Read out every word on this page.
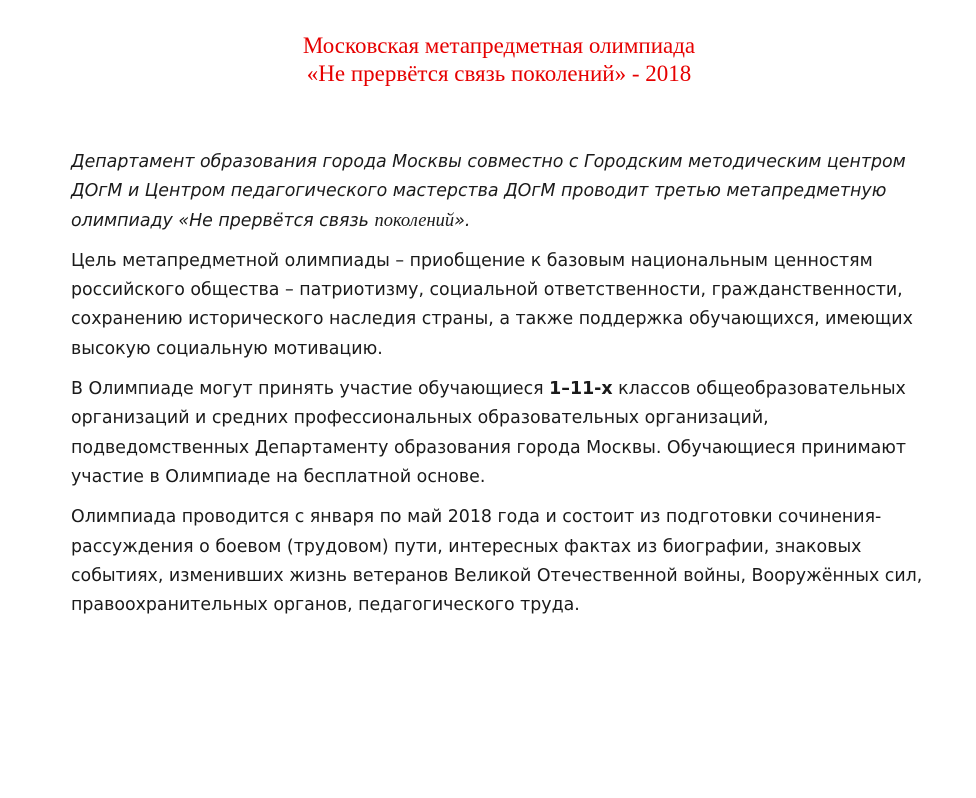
Московская метапредметная олимпиада
«Не прервётся связь поколений» - 2018

Департамент образования города Москвы совместно с Городским методическим центром ДОгМ и Центром педагогического мастерства ДОгМ проводит третью метапредметную олимпиаду «Не прервётся связь поколений».

Цель метапредметной олимпиады – приобщение к базовым национальным ценностям российского общества – патриотизму, социальной ответственности, гражданственности, сохранению исторического наследия страны, а также поддержка обучающихся, имеющих высокую социальную мотивацию.

В Олимпиаде могут принять участие обучающиеся 1–11-х классов общеобразовательных организаций и средних профессиональных образовательных организаций, подведомственных Департаменту образования города Москвы. Обучающиеся принимают участие в Олимпиаде на бесплатной основе.

Олимпиада проводится с января по май 2018 года и состоит из подготовки сочинения-рассуждения о боевом (трудовом) пути, интересных фактах из биографии, знаковых событиях, изменивших жизнь ветеранов Великой Отечественной войны, Вооружённых сил, правоохранительных органов, педагогического труда.
